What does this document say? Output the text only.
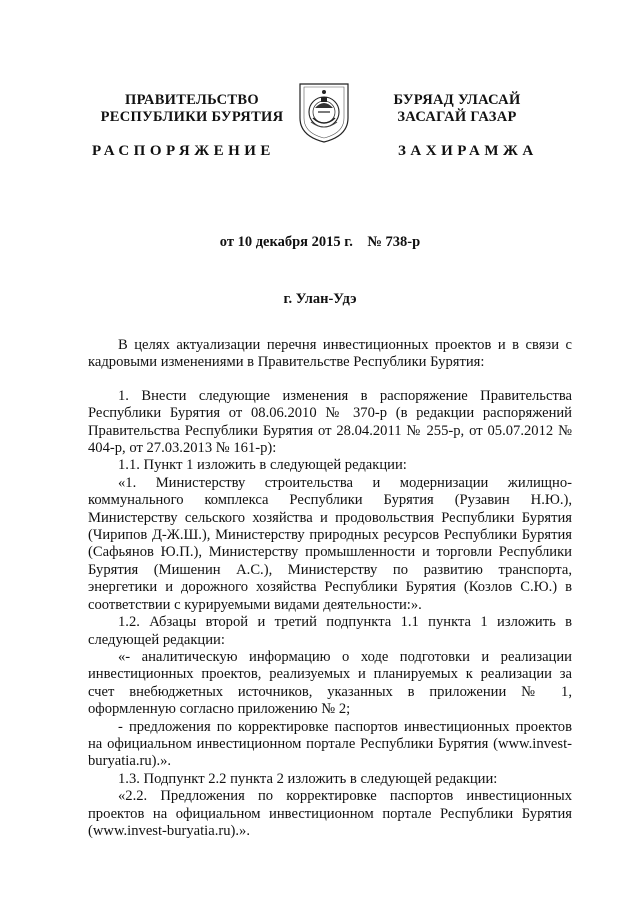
ПРАВИТЕЛЬСТВО
РЕСПУБЛИКИ БУРЯТИЯ
БУРЯАД УЛАСАЙ
ЗАСАГАЙ ГАЗАР
РАСПОРЯЖЕНИЕ	ЗАХИРАМЖА
от 10 декабря 2015 г. № 738-р
г. Улан-Удэ

В целях актуализации перечня инвестиционных проектов и в связи с кадровыми изменениями в Правительстве Республики Бурятия:

1. Внести следующие изменения в распоряжение Правительства Республики Бурятия от 08.06.2010 № 370-р (в редакции распоряжений Правительства Республики Бурятия от 28.04.2011 № 255-р, от 05.07.2012 № 404-р, от 27.03.2013 № 161-р):

1.1. Пункт 1 изложить в следующей редакции:

«1. Министерству строительства и модернизации жилищно-коммунального комплекса Республики Бурятия (Рузавин Н.Ю.), Министерству сельского хозяйства и продовольствия Республики Бурятия (Чирипов Д-Ж.Ш.), Министерству природных ресурсов Республики Бурятия (Сафьянов Ю.П.), Министерству промышленности и торговли Республики Бурятия (Мишенин А.С.), Министерству по развитию транспорта, энергетики и дорожного хозяйства Республики Бурятия (Козлов С.Ю.) в соответствии с курируемыми видами деятельности:».

1.2. Абзацы второй и третий подпункта 1.1 пункта 1 изложить в следующей редакции:

«- аналитическую информацию о ходе подготовки и реализации инвестиционных проектов, реализуемых и планируемых к реализации за счет внебюджетных источников, указанных в приложении № 1, оформленную согласно приложению № 2;

- предложения по корректировке паспортов инвестиционных проектов на официальном инвестиционном портале Республики Бурятия (www.invest-buryatia.ru).».

1.3. Подпункт 2.2 пункта 2 изложить в следующей редакции:

«2.2. Предложения по корректировке паспортов инвестиционных проектов на официальном инвестиционном портале Республики Бурятия (www.invest-buryatia.ru).».
